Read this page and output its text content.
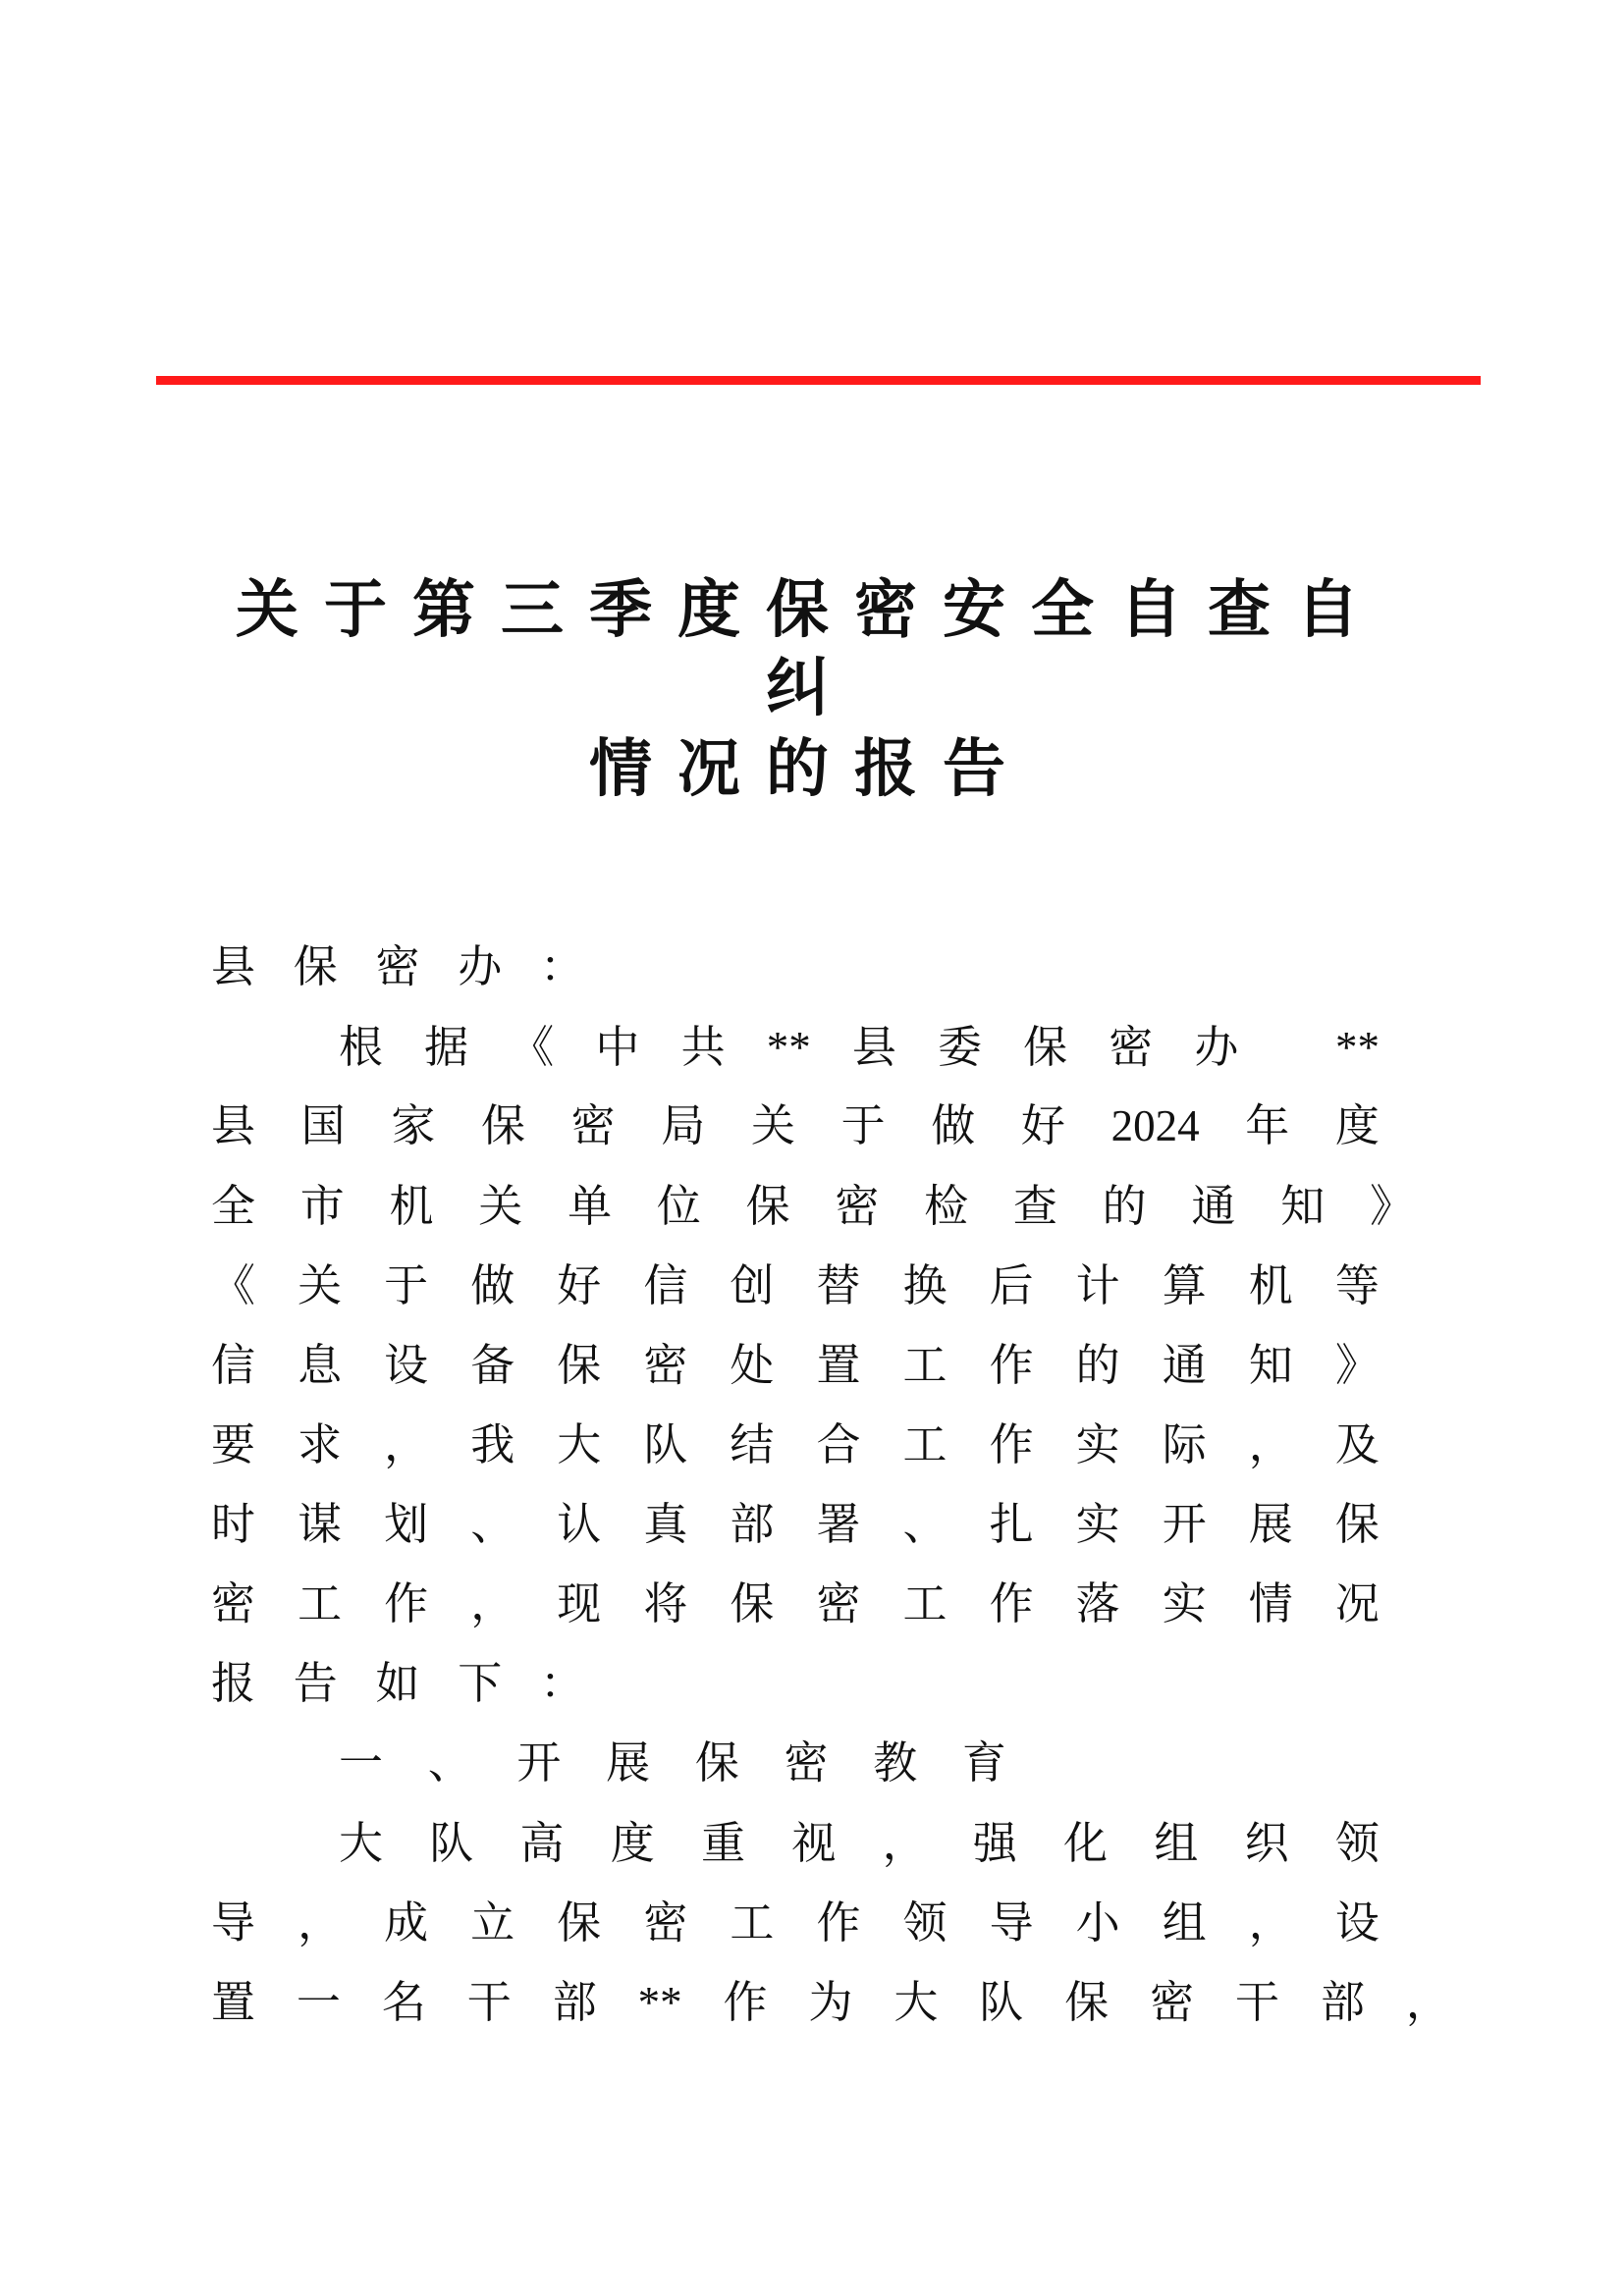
关于第三季度保密安全自查自纠
情况的报告
县 保 密 办 ：
根 据 《 中 共 ** 县 委 保 密 办
**
县 国 家 保 密 局 关 于 做 好 2024 年 度
全 市 机 关 单 位 保 密 检 查 的 通 知 》
《 关 于 做 好 信 创 替 换 后 计 算 机 等
信 息 设 备 保 密 处 置 工 作 的 通 知 》
要 求 ， 我 大 队 结 合 工 作 实 际 ， 及
时 谋 划 、 认 真 部 署 、 扎 实 开 展 保
密 工 作 ， 现 将 保 密 工 作 落 实 情 况
报 告 如 下 ：
一 、 开 展 保 密 教 育
大 队 高 度 重 视 ， 强 化 组 织 领
导 ， 成 立 保 密 工 作 领 导 小 组 ， 设
置 一 名 干 部 ** 作 为 大 队 保 密 干 部 ，
